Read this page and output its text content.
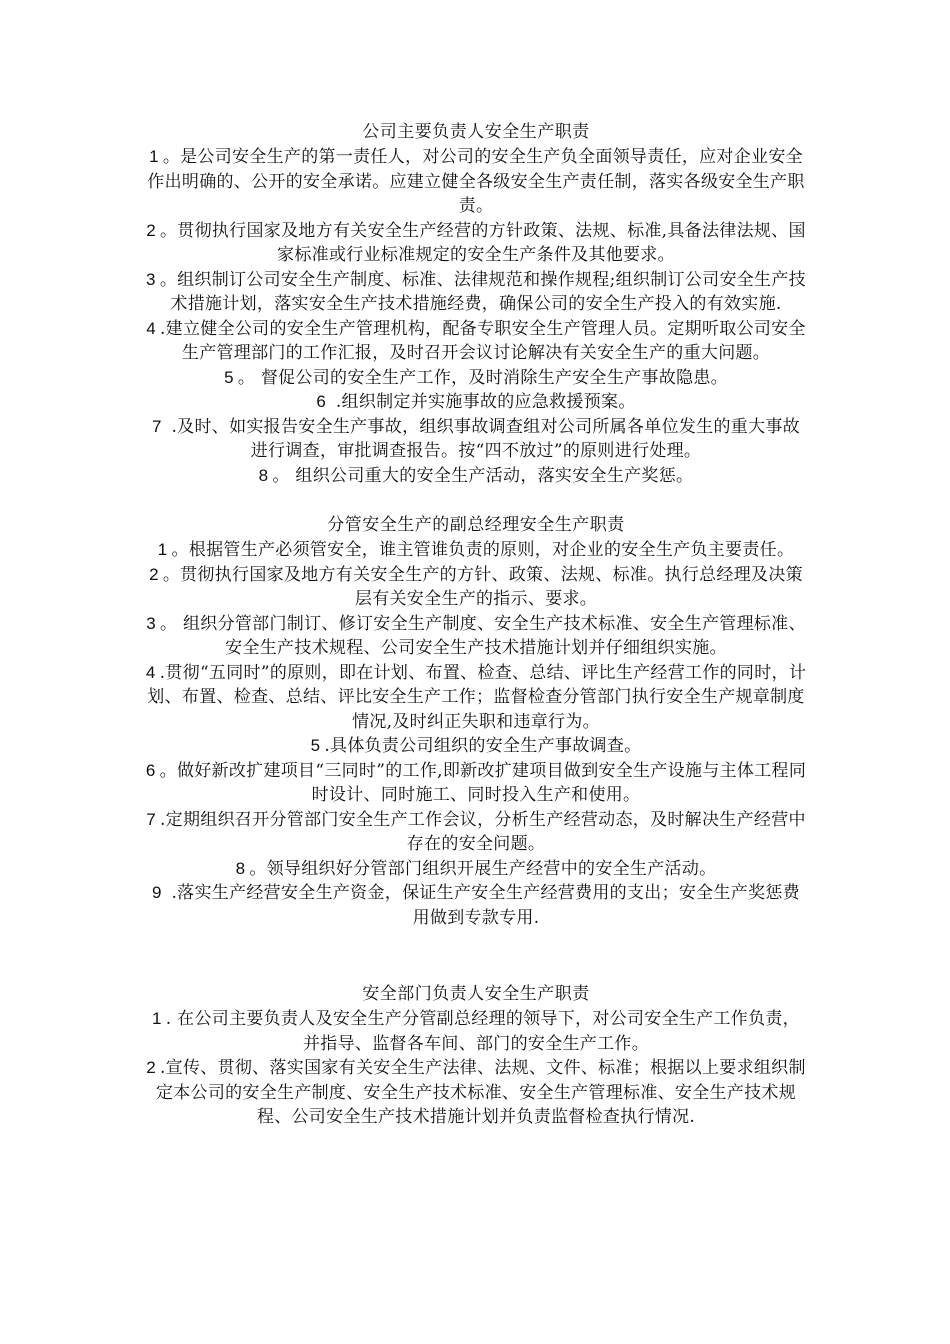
公司主要负责人安全生产职责

1 。是公司安全生产的第一责任人，对公司的安全生产负全面领导责任，应对企业安全作出明确的、公开的安全承诺。应建立健全各级安全生产责任制，落实各级安全生产职责。

2 。贯彻执行国家及地方有关安全生产经营的方针政策、法规、标准,具备法律法规、国家标准或行业标准规定的安全生产条件及其他要求。

3 。组织制订公司安全生产制度、标准、法律规范和操作规程;组织制订公司安全生产技术措施计划，落实安全生产技术措施经费，确保公司的安全生产投入的有效实施.

4 .建立健全公司的安全生产管理机构，配备专职安全生产管理人员。定期听取公司安全生产管理部门的工作汇报，及时召开会议讨论解决有关安全生产的重大问题。

5 。 督促公司的安全生产工作，及时消除生产安全生产事故隐患。

6 .组织制定并实施事故的应急救援预案。

7 .及时、如实报告安全生产事故，组织事故调查组对公司所属各单位发生的重大事故进行调查，审批调查报告。按“四不放过”的原则进行处理。

8 。 组织公司重大的安全生产活动，落实安全生产奖惩。

分管安全生产的副总经理安全生产职责

1 。根据管生产必须管安全，谁主管谁负责的原则，对企业的安全生产负主要责任。

2 。贯彻执行国家及地方有关安全生产的方针、政策、法规、标准。执行总经理及决策层有关安全生产的指示、要求。

3 。 组织分管部门制订、修订安全生产制度、安全生产技术标准、安全生产管理标准、安全生产技术规程、公司安全生产技术措施计划并仔细组织实施。

4 .贯彻“五同时”的原则，即在计划、布置、检查、总结、评比生产经营工作的同时，计划、布置、检查、总结、评比安全生产工作；监督检查分管部门执行安全生产规章制度情况,及时纠正失职和违章行为。

5 .具体负责公司组织的安全生产事故调查。

6 。做好新改扩建项目“三同时”的工作,即新改扩建项目做到安全生产设施与主体工程同时设计、同时施工、同时投入生产和使用。

7 .定期组织召开分管部门安全生产工作会议，分析生产经营动态，及时解决生产经营中存在的安全问题。

8 。领导组织好分管部门组织开展生产经营中的安全生产活动。

9 .落实生产经营安全生产资金，保证生产安全生产经营费用的支出；安全生产奖惩费用做到专款专用.

安全部门负责人安全生产职责

1 . 在公司主要负责人及安全生产分管副总经理的领导下，对公司安全生产工作负责，并指导、监督各车间、部门的安全生产工作。

2 .宣传、贯彻、落实国家有关安全生产法律、法规、文件、标准；根据以上要求组织制定本公司的安全生产制度、安全生产技术标准、安全生产管理标准、安全生产技术规程、公司安全生产技术措施计划并负责监督检查执行情况.
